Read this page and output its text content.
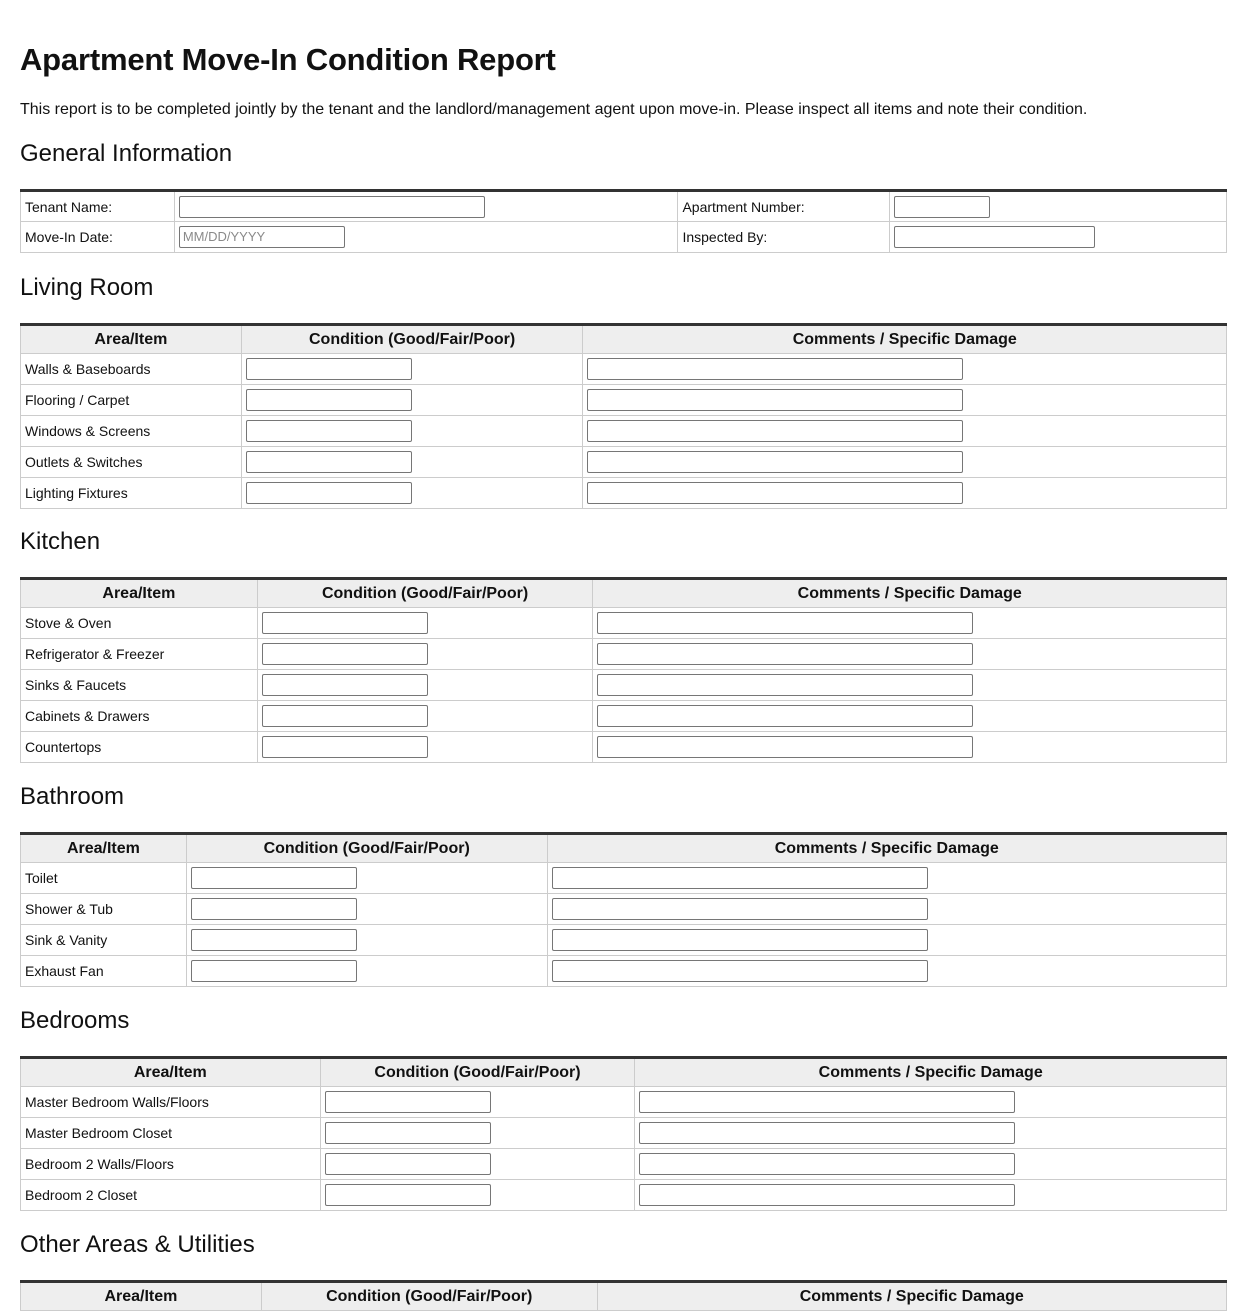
Apartment Move-In Condition Report
This report is to be completed jointly by the tenant and the landlord/management agent upon move-in. Please inspect all items and note their condition.
General Information
Tenant Name:		Apartment Number:	
Move-In Date:	MM/DD/YYYY	Inspected By:	
Living Room
Area/Item	Condition (Good/Fair/Poor)	Comments / Specific Damage
Walls & Baseboards		
Flooring / Carpet		
Windows & Screens		
Outlets & Switches		
Lighting Fixtures		
Kitchen
Area/Item	Condition (Good/Fair/Poor)	Comments / Specific Damage
Stove & Oven		
Refrigerator & Freezer		
Sinks & Faucets		
Cabinets & Drawers		
Countertops		
Bathroom
Area/Item	Condition (Good/Fair/Poor)	Comments / Specific Damage
Toilet		
Shower & Tub		
Sink & Vanity		
Exhaust Fan		
Bedrooms
Area/Item	Condition (Good/Fair/Poor)	Comments / Specific Damage
Master Bedroom Walls/Floors		
Master Bedroom Closet		
Bedroom 2 Walls/Floors		
Bedroom 2 Closet		
Other Areas & Utilities
Area/Item	Condition (Good/Fair/Poor)	Comments / Specific Damage
